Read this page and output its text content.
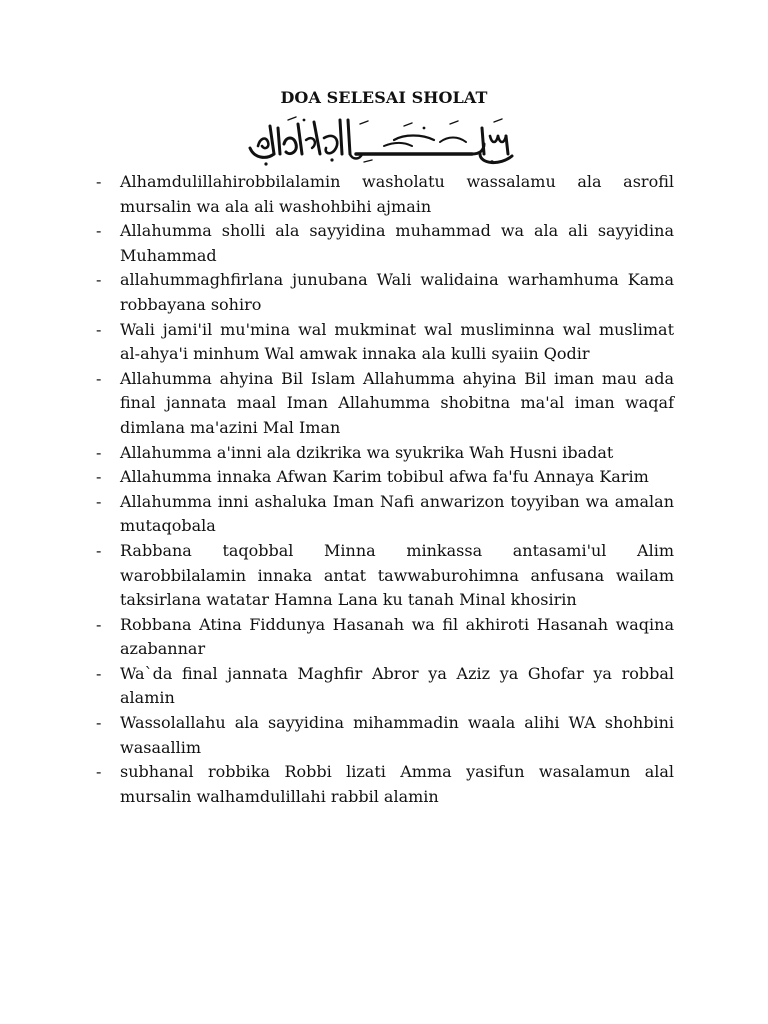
DOA SELESAI SHOLAT
-	Alhamdulillahirobbilalamin washolatu wassalamu ala asrofil mursalin wa ala ali washohbihi ajmain
-	Allahumma sholli ala sayyidina muhammad wa ala ali sayyidina Muhammad
-	allahummaghfirlana junubana Wali walidaina warhamhuma Kama robbayana sohiro
-	Wali jami'il mu'mina wal mukminat wal musliminna wal muslimat al-ahya'i minhum Wal amwak innaka ala kulli syaiin Qodir
-	Allahumma ahyina Bil Islam Allahumma ahyina Bil iman mau ada final jannata maal Iman Allahumma shobitna ma'al iman waqaf dimlana ma'azini Mal Iman
-	Allahumma a'inni ala dzikrika wa syukrika Wah Husni ibadat
-	Allahumma innaka Afwan Karim tobibul afwa fa'fu Annaya Karim
-	Allahumma inni ashaluka Iman Nafi anwarizon toyyiban wa amalan mutaqobala
-	Rabbana taqobbal Minna minkassa antasami'ul Alim warobbilalamin innaka antat tawwaburohimna anfusana wailam taksirlana watatar Hamna Lana ku tanah Minal khosirin
-	Robbana Atina Fiddunya Hasanah wa fil akhiroti Hasanah waqina azabannar
-	Wa`da final jannata Maghfir Abror ya Aziz ya Ghofar ya robbal alamin
-	Wassolallahu ala sayyidina mihammadin waala alihi WA shohbini wasaallim
-	subhanal robbika Robbi lizati Amma yasifun wasalamun alal mursalin walhamdulillahi rabbil alamin
